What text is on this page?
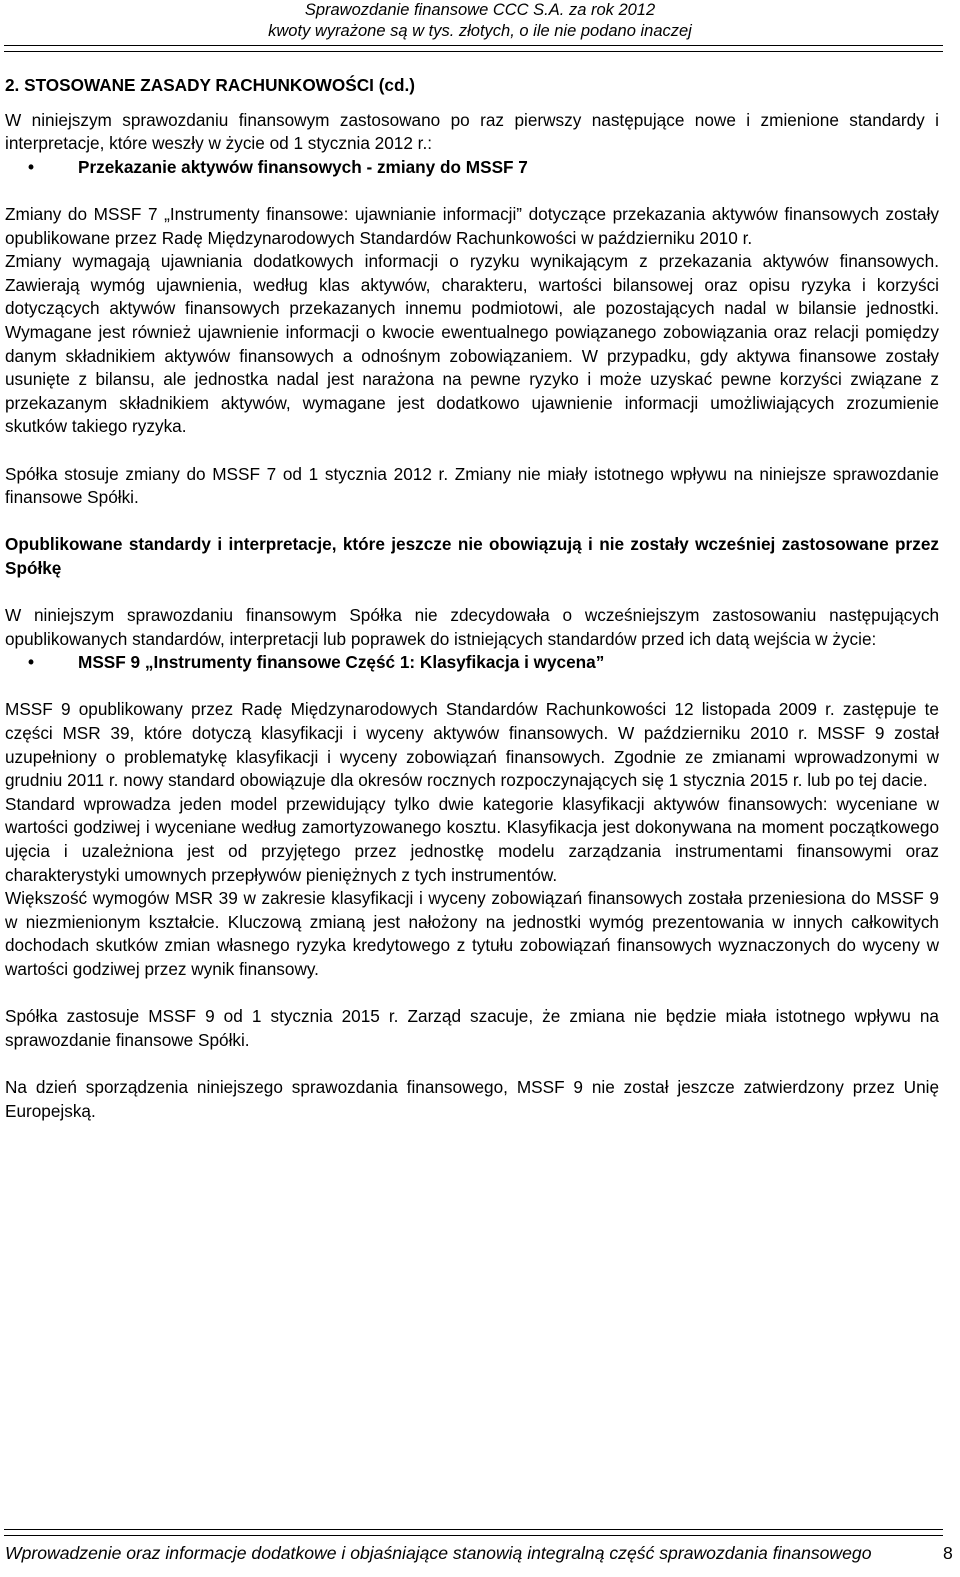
Sprawozdanie finansowe CCC S.A. za rok 2012
kwoty wyrażone są w tys. złotych, o ile nie podano inaczej
2. STOSOWANE ZASADY RACHUNKOWOŚCI (cd.)

W niniejszym sprawozdaniu finansowym zastosowano po raz pierwszy następujące nowe i zmienione standardy i interpretacje, które weszły w życie od 1 stycznia 2012 r.:

•	Przekazanie aktywów finansowych - zmiany do MSSF 7

Zmiany do MSSF 7 „Instrumenty finansowe: ujawnianie informacji” dotyczące przekazania aktywów finansowych zostały opublikowane przez Radę Międzynarodowych Standardów Rachunkowości w październiku 2010 r.

Zmiany wymagają ujawniania dodatkowych informacji o ryzyku wynikającym z przekazania aktywów finansowych. Zawierają wymóg ujawnienia, według klas aktywów, charakteru, wartości bilansowej oraz opisu ryzyka i korzyści dotyczących aktywów finansowych przekazanych innemu podmiotowi, ale pozostających nadal w bilansie jednostki. Wymagane jest również ujawnienie informacji o kwocie ewentualnego powiązanego zobowiązania oraz relacji pomiędzy danym składnikiem aktywów finansowych a odnośnym zobowiązaniem. W przypadku, gdy aktywa finansowe zostały usunięte z bilansu, ale jednostka nadal jest narażona na pewne ryzyko i może uzyskać pewne korzyści związane z przekazanym składnikiem aktywów, wymagane jest dodatkowo ujawnienie informacji umożliwiających zrozumienie skutków takiego ryzyka.

Spółka stosuje zmiany do MSSF 7 od 1 stycznia 2012 r. Zmiany nie miały istotnego wpływu na niniejsze sprawozdanie finansowe Spółki.

Opublikowane standardy i interpretacje, które jeszcze nie obowiązują i nie zostały wcześniej zastosowane przez Spółkę

W niniejszym sprawozdaniu finansowym Spółka nie zdecydowała o wcześniejszym zastosowaniu następujących opublikowanych standardów, interpretacji lub poprawek do istniejących standardów przed ich datą wejścia w życie:

•	MSSF 9 „Instrumenty finansowe Część 1: Klasyfikacja i wycena”

MSSF 9 opublikowany przez Radę Międzynarodowych Standardów Rachunkowości 12 listopada 2009 r. zastępuje te części MSR 39, które dotyczą klasyfikacji i wyceny aktywów finansowych. W październiku 2010 r. MSSF 9 został uzupełniony o problematykę klasyfikacji i wyceny zobowiązań finansowych. Zgodnie ze zmianami wprowadzonymi w grudniu 2011 r. nowy standard obowiązuje dla okresów rocznych rozpoczynających się 1 stycznia 2015 r. lub po tej dacie.

Standard wprowadza jeden model przewidujący tylko dwie kategorie klasyfikacji aktywów finansowych: wyceniane w wartości godziwej i wyceniane według zamortyzowanego kosztu. Klasyfikacja jest dokonywana na moment początkowego ujęcia i uzależniona jest od przyjętego przez jednostkę modelu zarządzania instrumentami finansowymi oraz charakterystyki umownych przepływów pieniężnych z tych instrumentów.

Większość wymogów MSR 39 w zakresie klasyfikacji i wyceny zobowiązań finansowych została przeniesiona do MSSF 9 w niezmienionym kształcie. Kluczową zmianą jest nałożony na jednostki wymóg prezentowania w innych całkowitych dochodach skutków zmian własnego ryzyka kredytowego z tytułu zobowiązań finansowych wyznaczonych do wyceny w wartości godziwej przez wynik finansowy.

Spółka zastosuje MSSF 9 od 1 stycznia 2015 r. Zarząd szacuje, że zmiana nie będzie miała istotnego wpływu na sprawozdanie finansowe Spółki.

Na dzień sporządzenia niniejszego sprawozdania finansowego, MSSF 9 nie został jeszcze zatwierdzony przez Unię Europejską.

Wprowadzenie oraz informacje dodatkowe i objaśniające stanowią integralną część sprawozdania finansowego	8
